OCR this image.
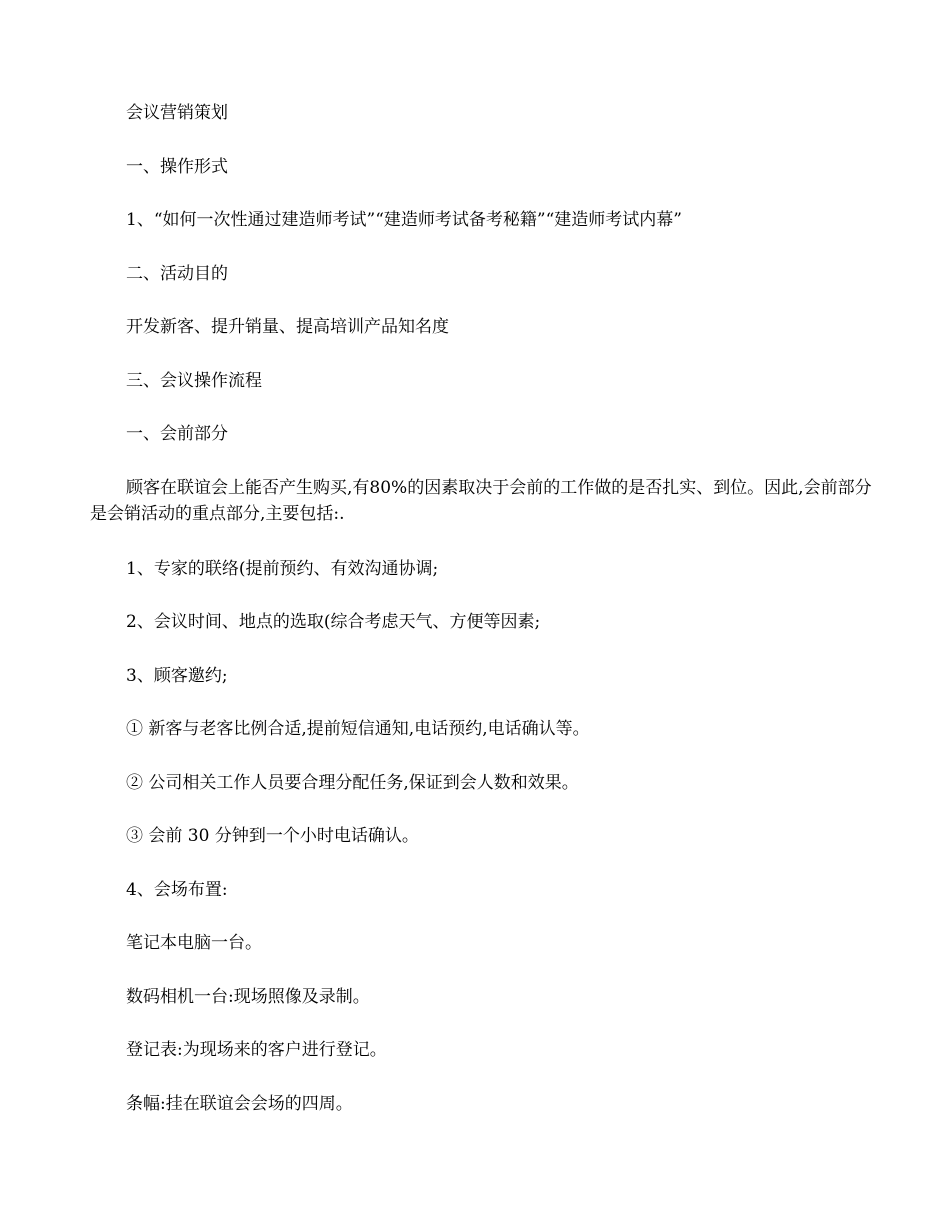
会议营销策划
一、操作形式
1、“如何一次性通过建造师考试”“建造师考试备考秘籍”“建造师考试内幕”
二、活动目的
开发新客、提升销量、提高培训产品知名度
三、会议操作流程
一、会前部分
顾客在联谊会上能否产生购买,有80%的因素取决于会前的工作做的是否扎实、到位。因此,会前部分是会销活动的重点部分,主要包括:.
1、专家的联络(提前预约、有效沟通协调;
2、会议时间、地点的选取(综合考虑天气、方便等因素;
3、顾客邀约;
① 新客与老客比例合适,提前短信通知,电话预约,电话确认等。
② 公司相关工作人员要合理分配任务,保证到会人数和效果。
③ 会前 30 分钟到一个小时电话确认。
4、会场布置:
笔记本电脑一台。
数码相机一台:现场照像及录制。
登记表:为现场来的客户进行登记。
条幅:挂在联谊会会场的四周。
